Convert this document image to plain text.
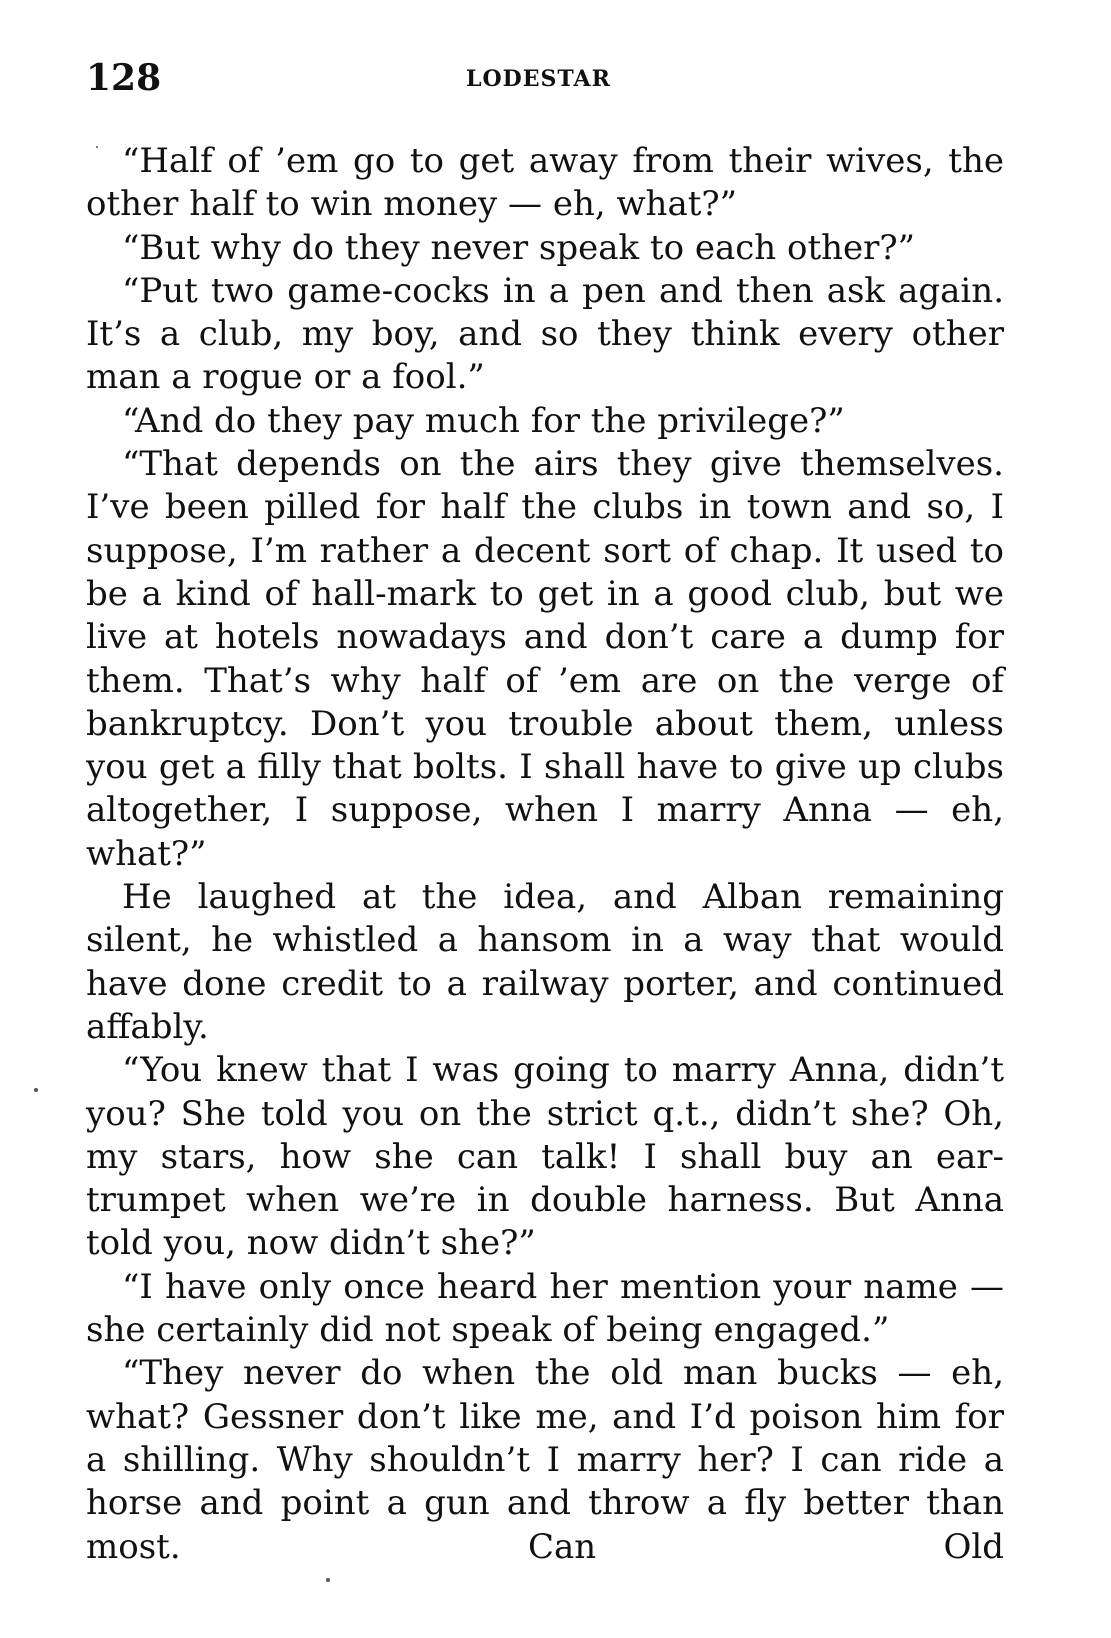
128	LODESTAR

“Half of ’em go to get away from their wives, the other half to win money — eh, what?”

“But why do they never speak to each other?”

“Put two game-cocks in a pen and then ask again. It’s a club, my boy, and so they think every other man a rogue or a fool.”

“And do they pay much for the privilege?”

“That depends on the airs they give themselves. I’ve been pilled for half the clubs in town and so, I suppose, I’m rather a decent sort of chap. It used to be a kind of hall-mark to get in a good club, but we live at hotels nowadays and don’t care a dump for them. That’s why half of ’em are on the verge of bankruptcy. Don’t you trouble about them, unless you get a filly that bolts. I shall have to give up clubs altogether, I suppose, when I marry Anna — eh, what?”

He laughed at the idea, and Alban remaining silent, he whistled a hansom in a way that would have done credit to a railway porter, and continued affably.

“You knew that I was going to marry Anna, didn’t you? She told you on the strict q.t., didn’t she? Oh, my stars, how she can talk! I shall buy an ear-trumpet when we’re in double harness. But Anna told you, now didn’t she?”

“I have only once heard her mention your name — she certainly did not speak of being engaged.”

“They never do when the old man bucks — eh, what? Gessner don’t like me, and I’d poison him for a shilling. Why shouldn’t I marry her? I can ride a horse and point a gun and throw a fly better than most. Can Old
